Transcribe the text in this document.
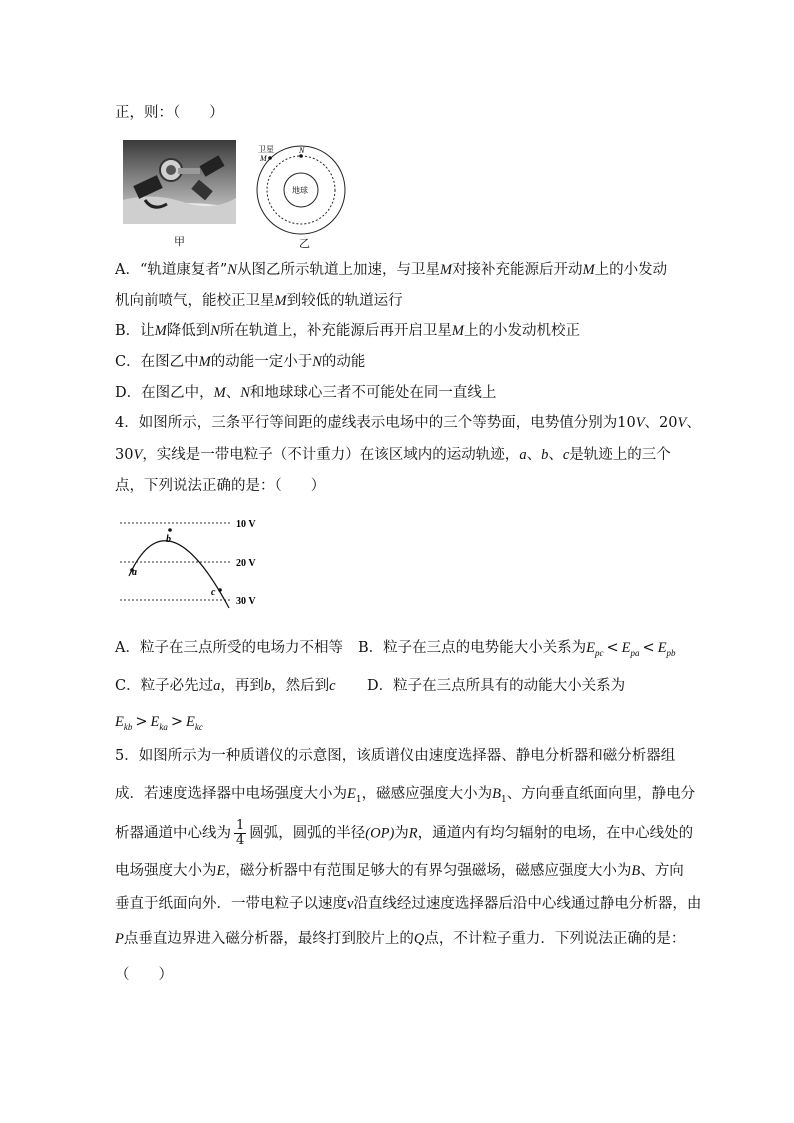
正，则：（　　）
甲
卫星
M
N
地球
乙
A．“轨道康复者”N从图乙所示轨道上加速，与卫星M对接补充能源后开动M上的小发动
机向前喷气，能校正卫星M到较低的轨道运行
B．让M降低到N所在轨道上，补充能源后再开启卫星M上的小发动机校正
C．在图乙中M的动能一定小于N的动能
D．在图乙中，M、N和地球球心三者不可能处在同一直线上
4．如图所示，三条平行等间距的虚线表示电场中的三个等势面，电势值分别为10V、20V、
30V，实线是一带电粒子（不计重力）在该区域内的运动轨迹，a、b、c是轨迹上的三个
点，下列说法正确的是：（　　）
a
b
c
10 V
20 V
30 V
A．粒子在三点所受的电场力不相等 B．粒子在三点的电势能大小关系为$E_{pc} < E_{pa} < E_{pb}$
C．粒子必先过a，再到b，然后到c D．粒子在三点所具有的动能大小关系为
$E_{kb} > E_{ka} > E_{kc}$
5．如图所示为一种质谱仪的示意图，该质谱仪由速度选择器、静电分析器和磁分析器组
成．若速度选择器中电场强度大小为$E_1$，磁感应强度大小为$B_1$、方向垂直纸面向里，静电分
析器通道中心线为 $\frac{1}{4}$ 圆弧，圆弧的半径(OP)为R，通道内有均匀辐射的电场，在中心线处的
电场强度大小为E，磁分析器中有范围足够大的有界匀强磁场，磁感应强度大小为B、方向
垂直于纸面向外．一带电粒子以速度v沿直线经过速度选择器后沿中心线通过静电分析器，由
P点垂直边界进入磁分析器，最终打到胶片上的Q点，不计粒子重力．下列说法正确的是：
（　　）
